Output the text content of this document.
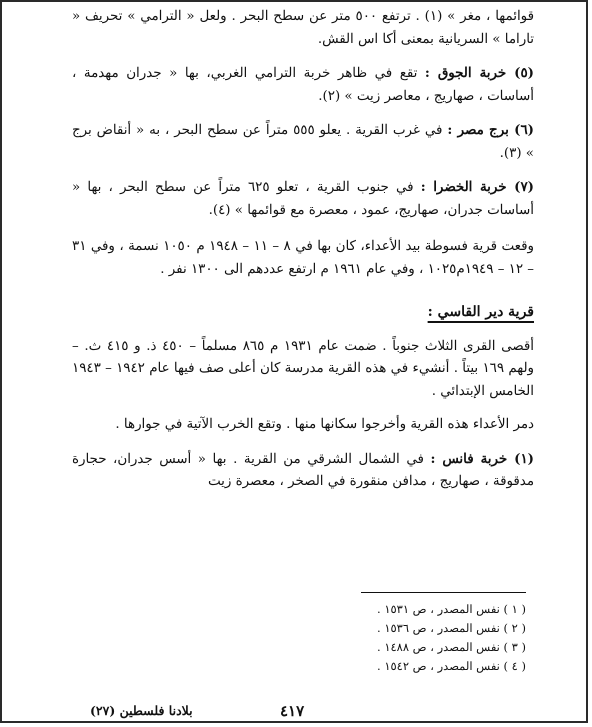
قوائمها ، مغر » (١) . ترتفع ٥٠٠ متر عن سطح البحر . ولعل « الترامي » تحريف « تاراما » السريانية بمعنى أكا اس القش.

(٥) خربة الجوق : تقع في ظاهر خربة الترامي الغربي، بها « جدران مهدمة ، أساسات ، صهاريج ، معاصر زيت » (٢).

(٦) برج مصر : في غرب القرية . يعلو ٥٥٥ متراً عن سطح البحر ، به « أنقاض برج » (٣).

(٧) خربة الخضرا : في جنوب القرية ، تعلو ٦٢٥ متراً عن سطح البحر ، بها « أساسات جدران، صهاريج، عمود ، معصرة مع قوائمها » (٤).

وقعت قرية فسوطة بيد الأعداء، كان بها في ٨ – ١١ – ١٩٤٨ م ١٠٥٠ نسمة ، وفي ٣١ – ١٢ – ١٩٤٩م١٠٢٥ ، وفي عام ١٩٦١ م ارتفع عددهم الى ١٣٠٠ نفر .

قرية دير القاسي :

أقصى القرى الثلاث جنوباً . ضمت عام ١٩٣١ م ٨٦٥ مسلماً – ٤٥٠ ذ. و ٤١٥ ث. – ولهم ١٦٩ بيتاً . أنشيء في هذه القرية مدرسة كان أعلى صف فيها عام ١٩٤٢ – ١٩٤٣ الخامس الإبتدائي .

دمر الأعداء هذه القرية وأخرجوا سكانها منها . وتقع الخرب الآتية في جوارها .

(١) خربة فانس : في الشمال الشرقي من القرية . بها « أسس جدران، حجارة مدقوقة ، صهاريج ، مدافن منقورة في الصخر ، معصرة زيت

( ١ ) نفس المصدر ، ص ١٥٣١ .

( ٢ ) نفس المصدر ، ص ١٥٣٦ .

( ٣ ) نفس المصدر ، ص ١٤٨٨ .

( ٤ ) نفس المصدر ، ص ١٥٤٢ .

٤١٧
بلادنا فلسطين (٢٧)
